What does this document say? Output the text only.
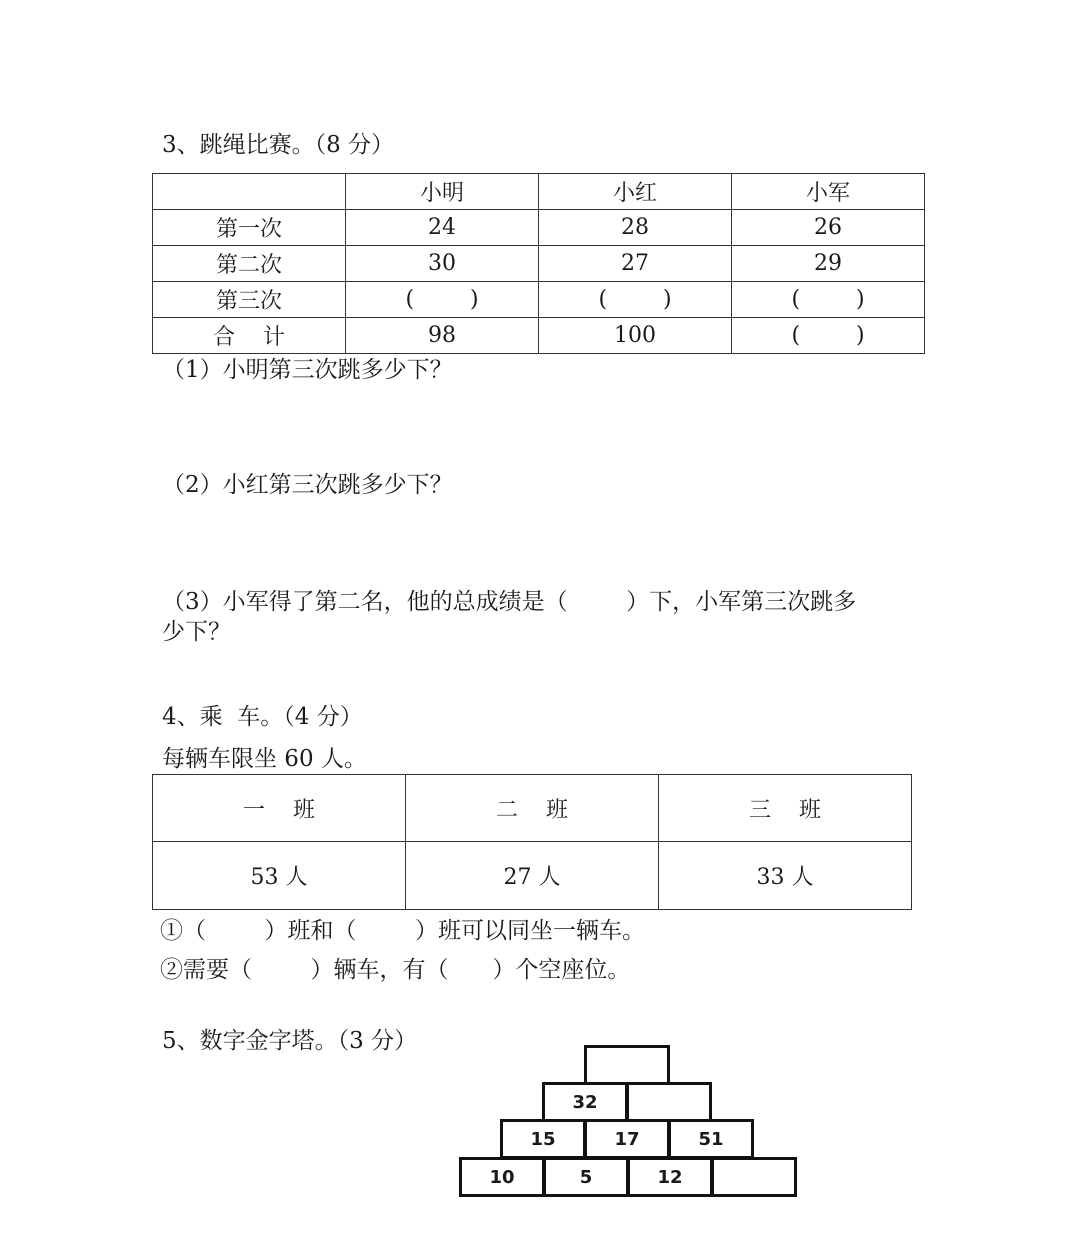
3、跳绳比赛。（8 分）
	小明	小红	小军
第一次	24	28	26
第二次	30	27	29
第三次	(        )	(        )	(        )
合    计	98	100	(        )
（1）小明第三次跳多少下？
（2）小红第三次跳多少下？
（3）小军得了第二名，他的总成绩是（        ）下，小军第三次跳多
少下？
4、乘  车。（4 分）
每辆车限坐 60 人。
一    班	二    班	三    班
53 人	27 人	33 人
①（        ）班和（        ）班可以同坐一辆车。
②需要（        ）辆车，有（      ）个空座位。
5、数字金字塔。（3 分）
32
15	17	51
10	5	12
